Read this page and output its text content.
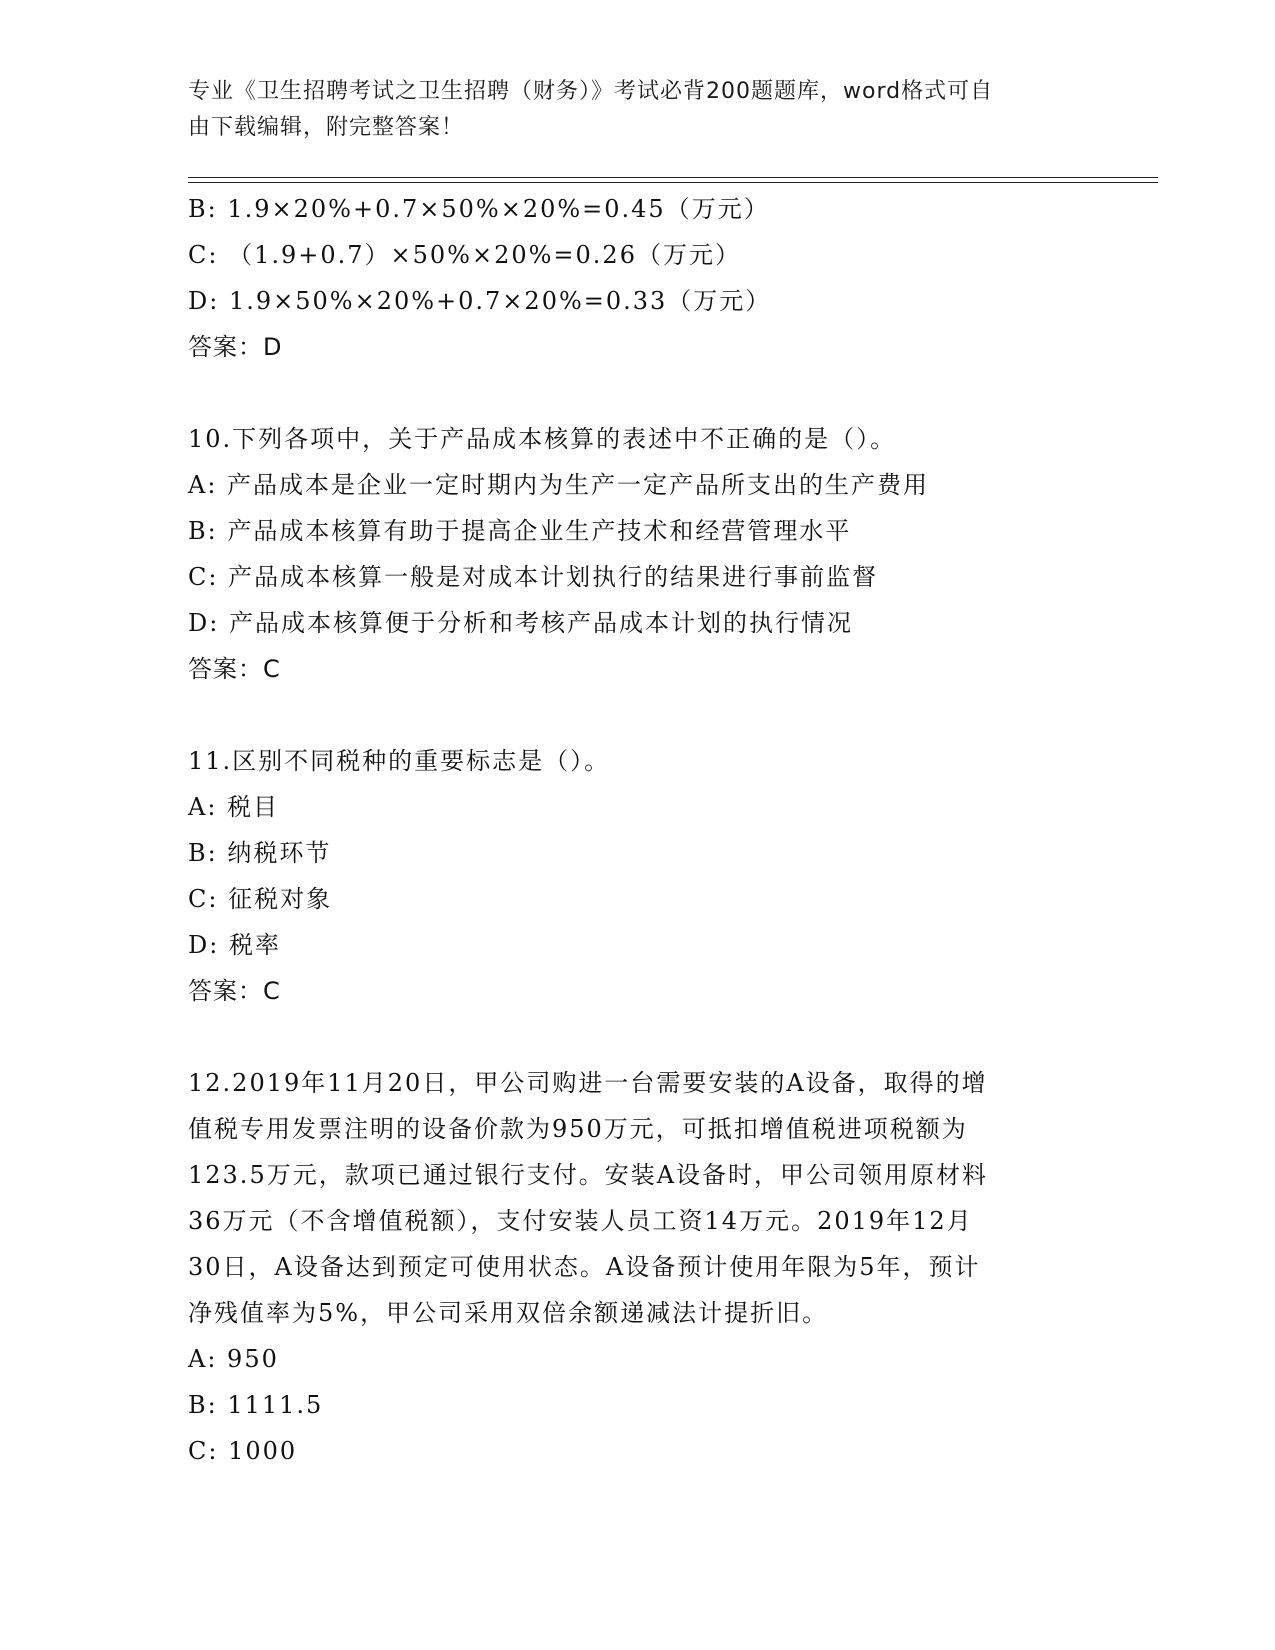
专业《卫生招聘考试之卫生招聘（财务）》考试必背200题题库，word格式可自
由下载编辑，附完整答案！
B: 1.9×20%+0.7×50%×20%=0.45（万元）
C: （1.9+0.7）×50%×20%=0.26（万元）
D: 1.9×50%×20%+0.7×20%=0.33（万元）
答案：D
10.下列各项中，关于产品成本核算的表述中不正确的是（）。
A: 产品成本是企业一定时期内为生产一定产品所支出的生产费用
B: 产品成本核算有助于提高企业生产技术和经营管理水平
C: 产品成本核算一般是对成本计划执行的结果进行事前监督
D: 产品成本核算便于分析和考核产品成本计划的执行情况
答案：C
11.区别不同税种的重要标志是（）。
A: 税目
B: 纳税环节
C: 征税对象
D: 税率
答案：C
12.2019年11月20日，甲公司购进一台需要安装的A设备，取得的增
值税专用发票注明的设备价款为950万元，可抵扣增值税进项税额为
123.5万元，款项已通过银行支付。安装A设备时，甲公司领用原材料
36万元（不含增值税额），支付安装人员工资14万元。2019年12月
30日，A设备达到预定可使用状态。A设备预计使用年限为5年，预计
净残值率为5%，甲公司采用双倍余额递减法计提折旧。
A: 950
B: 1111.5
C: 1000
